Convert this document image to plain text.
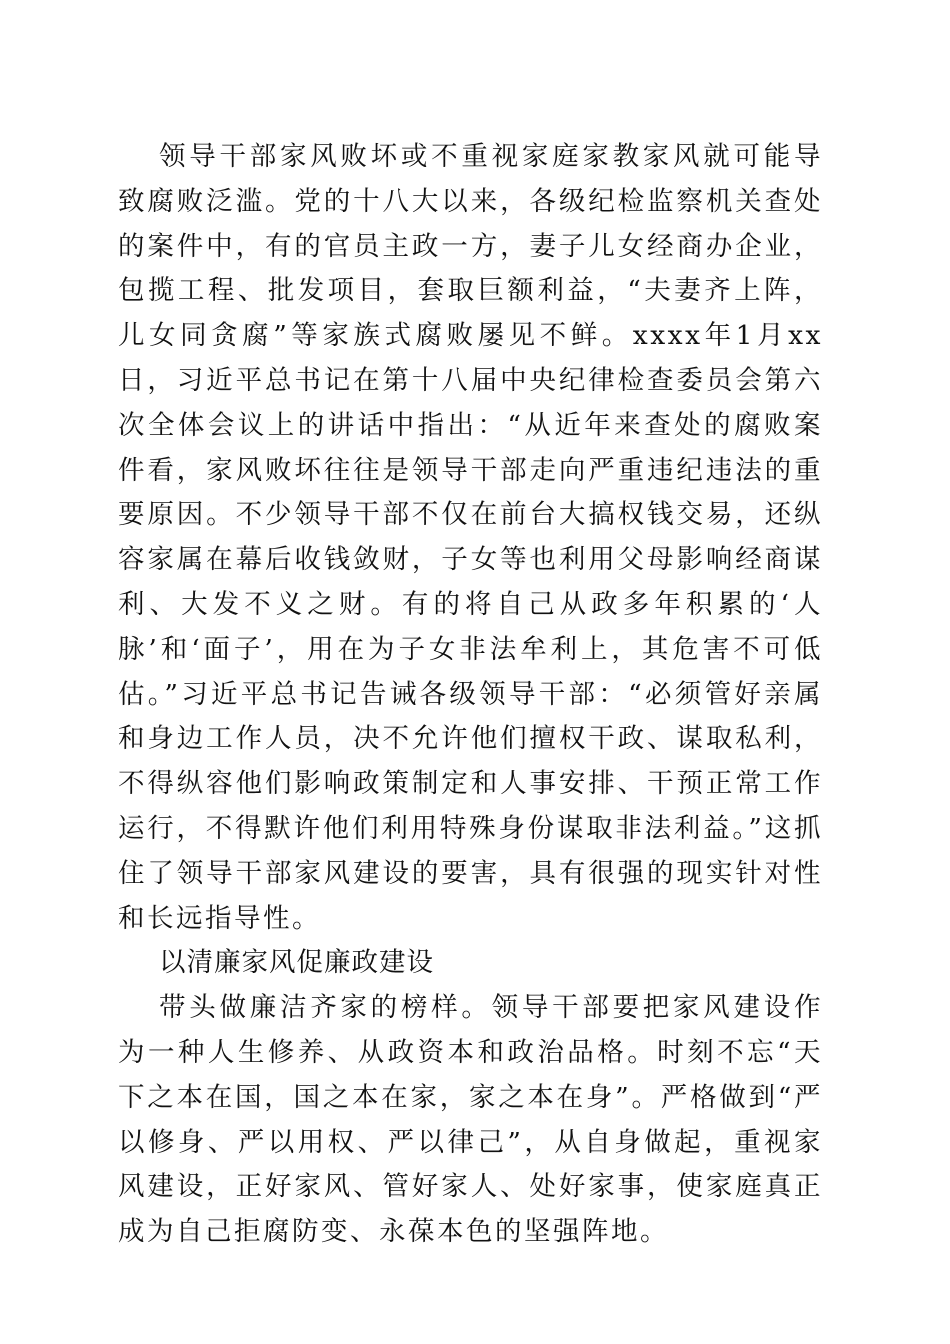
领导干部家风败坏或不重视家庭家教家风就可能导致腐败泛滥。党的十八大以来，各级纪检监察机关查处的案件中，有的官员主政一方，妻子儿女经商办企业，包揽工程、批发项目，套取巨额利益，“夫妻齐上阵，儿女同贪腐”等家族式腐败屡见不鲜。xxxx年1月xx日，习近平总书记在第十八届中央纪律检查委员会第六次全体会议上的讲话中指出：“从近年来查处的腐败案件看，家风败坏往往是领导干部走向严重违纪违法的重要原因。不少领导干部不仅在前台大搞权钱交易，还纵容家属在幕后收钱敛财，子女等也利用父母影响经商谋利、大发不义之财。有的将自己从政多年积累的‘人脉’和‘面子’，用在为子女非法牟利上，其危害不可低估。”习近平总书记告诫各级领导干部：“必须管好亲属和身边工作人员，决不允许他们擅权干政、谋取私利，不得纵容他们影响政策制定和人事安排、干预正常工作运行，不得默许他们利用特殊身份谋取非法利益。”这抓住了领导干部家风建设的要害，具有很强的现实针对性和长远指导性。

以清廉家风促廉政建设

带头做廉洁齐家的榜样。领导干部要把家风建设作为一种人生修养、从政资本和政治品格。时刻不忘“天下之本在国，国之本在家，家之本在身”。严格做到“严以修身、严以用权、严以律己”，从自身做起，重视家风建设，正好家风、管好家人、处好家事，使家庭真正成为自己拒腐防变、永葆本色的坚强阵地。
